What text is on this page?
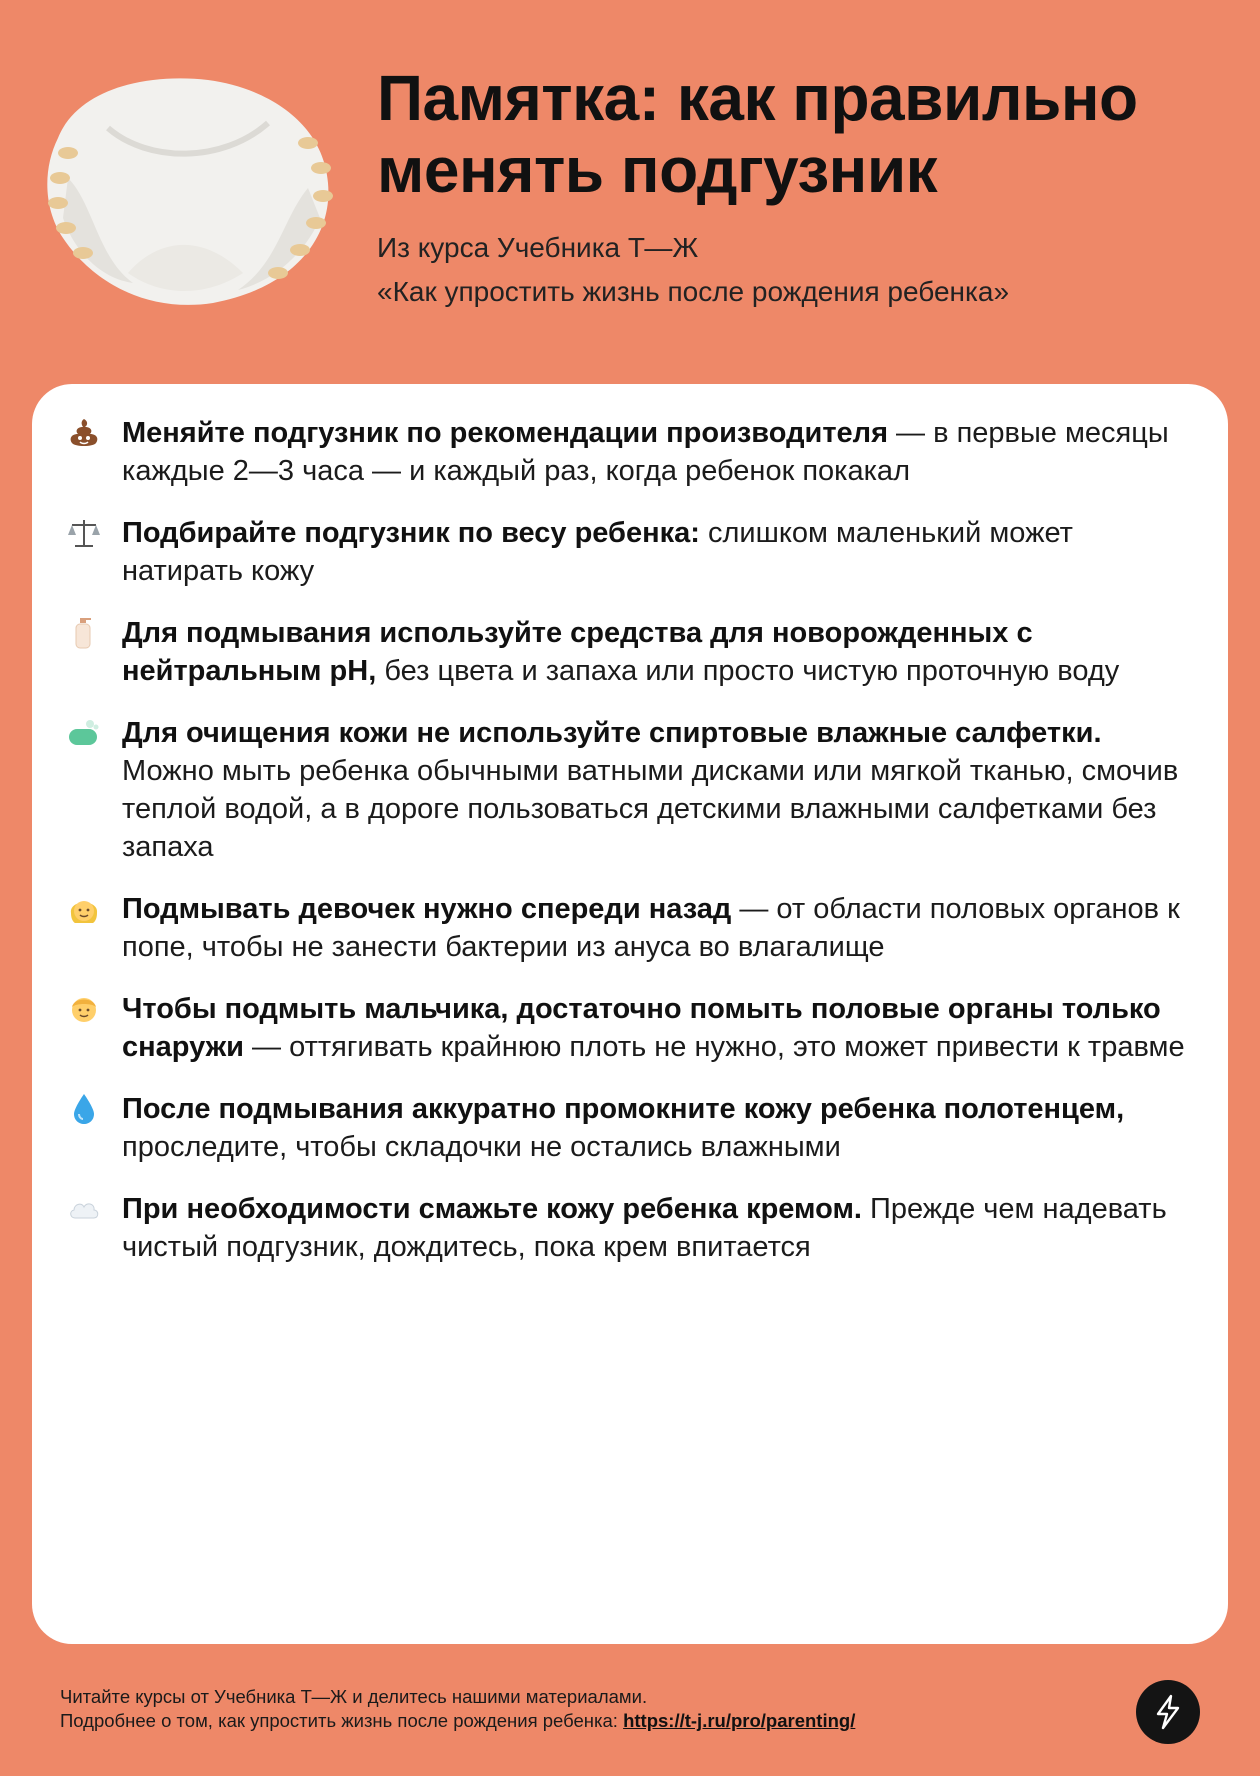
Памятка: как правильно
менять подгузник
Из курса Учебника Т—Ж
«Как упростить жизнь после рождения ребенка»
Меняйте подгузник по рекомендации производителя — в первые месяцы каждые 2—3 часа — и каждый раз, когда ребенок покакал
Подбирайте подгузник по весу ребенка: слишком маленький может натирать кожу
Для подмывания используйте средства для новорожденных с нейтральным pH, без цвета и запаха или просто чистую проточную воду
Для очищения кожи не используйте спиртовые влажные салфетки. Можно мыть ребенка обычными ватными дисками или мягкой тканью, смочив теплой водой, а в дороге пользоваться детскими влажными салфетками без запаха
Подмывать девочек нужно спереди назад — от области половых органов к попе, чтобы не занести бактерии из ануса во влагалище
Чтобы подмыть мальчика, достаточно помыть половые органы только снаружи — оттягивать крайнюю плоть не нужно, это может привести к травме
После подмывания аккуратно промокните кожу ребенка полотенцем, проследите, чтобы складочки не остались влажными
При необходимости смажьте кожу ребенка кремом. Прежде чем надевать чистый подгузник, дождитесь, пока крем впитается
Читайте курсы от Учебника Т—Ж и делитесь нашими материалами.
Подробнее о том, как упростить жизнь после рождения ребенка: https://t-j.ru/pro/parenting/
